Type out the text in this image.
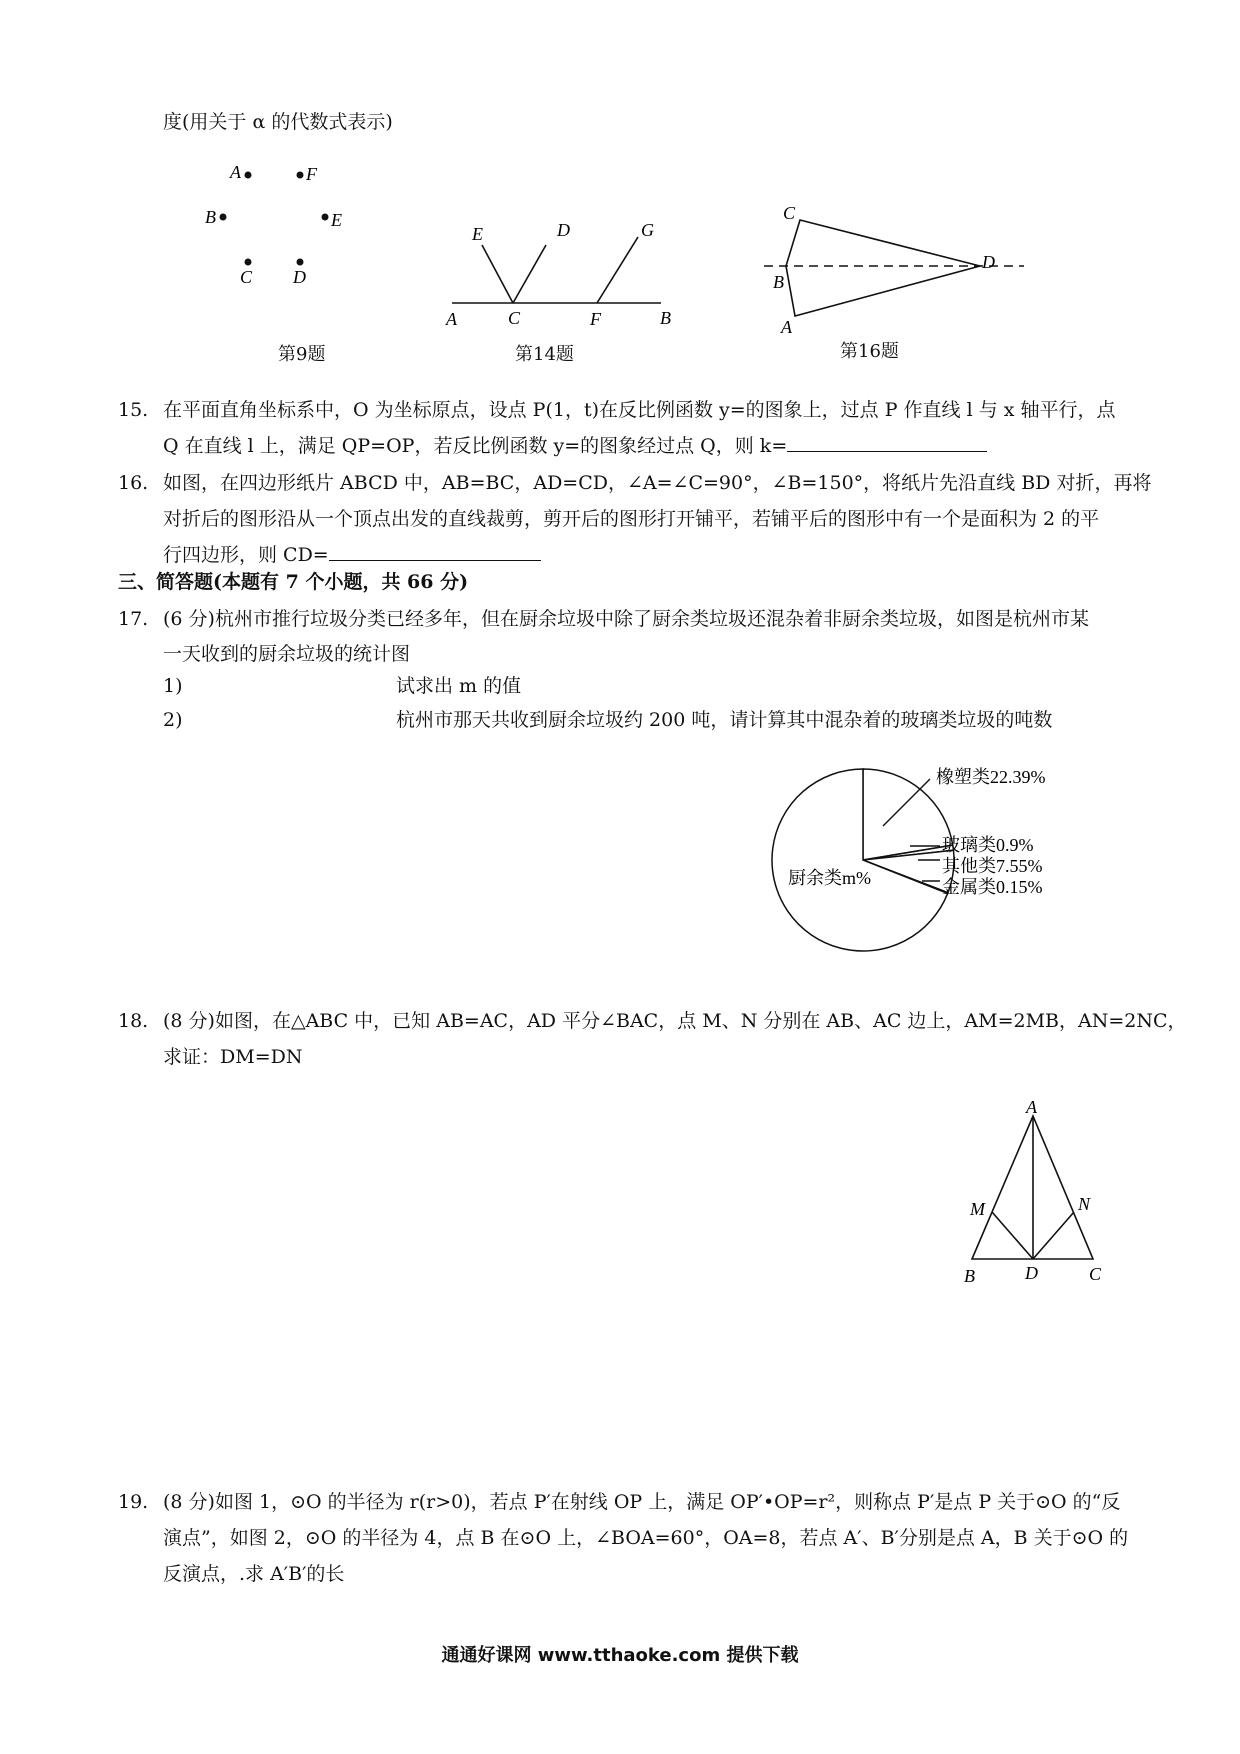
度(用关于 α 的代数式表示)
A	F
B	E
C D
第9题
E	D	G
A	C	F	B
第14题
C
D
B
A
第16题
15. 在平面直角坐标系中，O 为坐标原点，设点 P(1，t)在反比例函数 y=的图象上，过点 P 作直线 l 与 x 轴平行，点
Q 在直线 l 上，满足 QP=OP，若反比例函数 y=的图象经过点 Q，则 k=
16. 如图，在四边形纸片 ABCD 中，AB=BC，AD=CD，∠A=∠C=90°，∠B=150°，将纸片先沿直线 BD 对折，再将
对折后的图形沿从一个顶点出发的直线裁剪，剪开后的图形打开铺平，若铺平后的图形中有一个是面积为 2 的平
行四边形，则 CD=
三、简答题(本题有 7 个小题，共 66 分)
17. (6 分)杭州市推行垃圾分类已经多年，但在厨余垃圾中除了厨余类垃圾还混杂着非厨余类垃圾，如图是杭州市某
一天收到的厨余垃圾的统计图
1)	试求出 m 的值
2)	杭州市那天共收到厨余垃圾约 200 吨，请计算其中混杂着的玻璃类垃圾的吨数
橡塑类22.39%
玻璃类0.9%
其他类7.55%
金属类0.15%
厨余类m%
18. (8 分)如图，在△ABC 中，已知 AB=AC，AD 平分∠BAC，点 M、N 分别在 AB、AC 边上，AM=2MB，AN=2NC，
求证：DM=DN
A
M	N
B	D	C
19. (8 分)如图 1，⊙O 的半径为 r(r>0)，若点 P′在射线 OP 上，满足 OP′•OP=r²，则称点 P′是点 P 关于⊙O 的“反
演点”，如图 2，⊙O 的半径为 4，点 B 在⊙O 上，∠BOA=60°，OA=8，若点 A′、B′分别是点 A，B 关于⊙O 的
反演点，.求 A′B′的长
通通好课网 www.tthaoke.com 提供下载
